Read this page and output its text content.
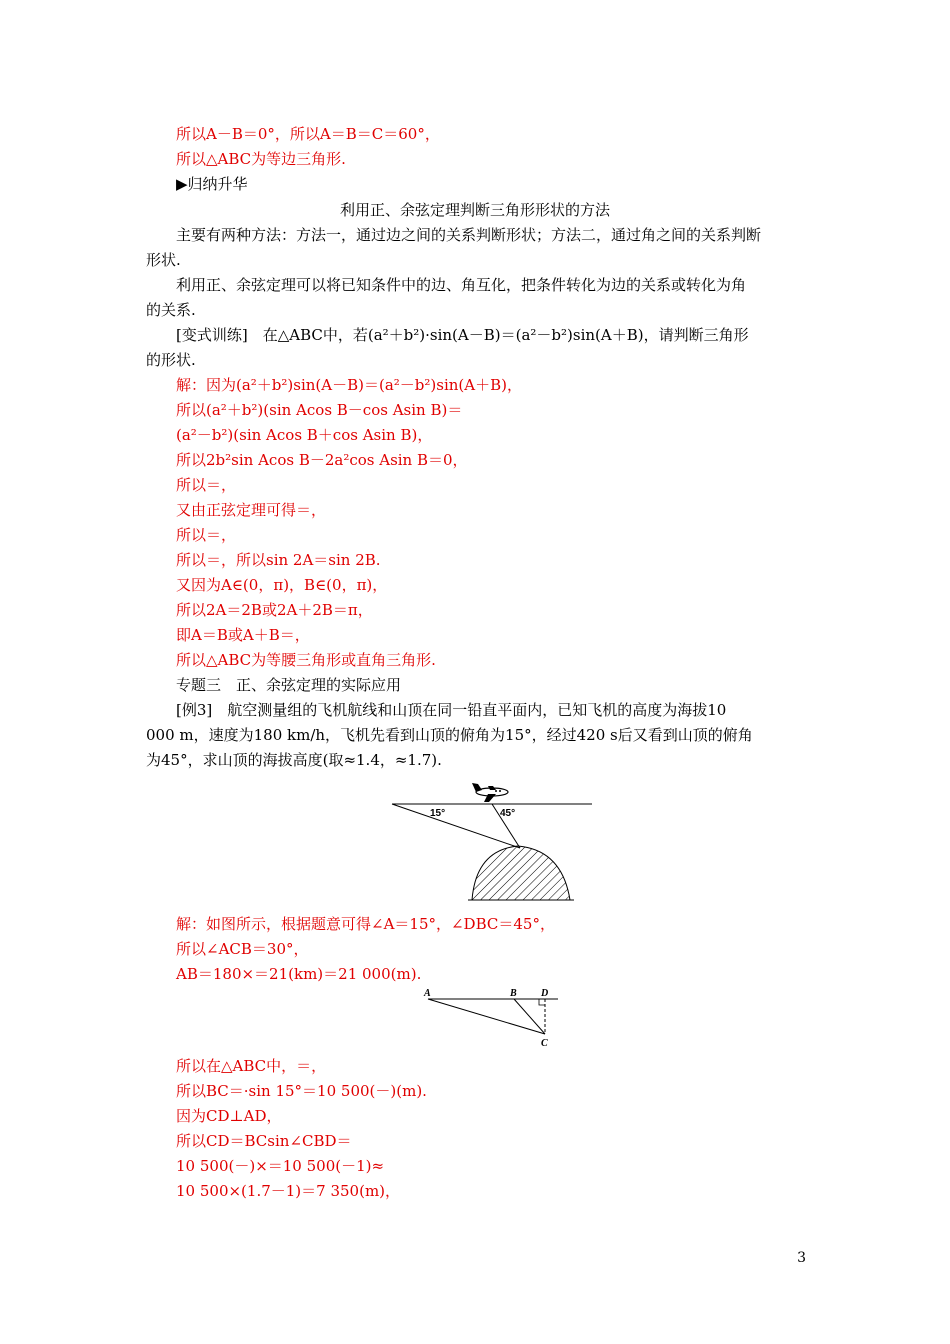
所以A－B＝0°，所以A＝B＝C＝60°，
所以△ABC为等边三角形.
▶归纳升华
利用正、余弦定理判断三角形形状的方法
主要有两种方法：方法一，通过边之间的关系判断形状；方法二，通过角之间的关系判断
形状.
利用正、余弦定理可以将已知条件中的边、角互化，把条件转化为边的关系或转化为角
的关系.
[变式训练]　在△ABC中，若(a²＋b²)·sin(A－B)＝(a²－b²)sin(A＋B)，请判断三角形
的形状.
解：因为(a²＋b²)sin(A－B)＝(a²－b²)sin(A＋B)，
所以(a²＋b²)(sin Acos B－cos Asin B)＝
(a²－b²)(sin Acos B＋cos Asin B)，
所以2b²sin Acos B－2a²cos Asin B＝0，
所以＝，
又由正弦定理可得＝，
所以＝，
所以＝，所以sin 2A＝sin 2B.
又因为A∈(0，π)，B∈(0，π)，
所以2A＝2B或2A＋2B＝π，
即A＝B或A＋B＝，
所以△ABC为等腰三角形或直角三角形.
专题三　正、余弦定理的实际应用
[例3]　航空测量组的飞机航线和山顶在同一铅直平面内，已知飞机的高度为海拔10
000 m，速度为180 km/h，飞机先看到山顶的俯角为15°，经过420 s后又看到山顶的俯角
为45°，求山顶的海拔高度(取≈1.4，≈1.7).
15°	45°
解：如图所示，根据题意可得∠A＝15°，∠DBC＝45°，
所以∠ACB＝30°，
AB＝180×＝21(km)＝21 000(m).
A	B D
C
所以在△ABC中，＝，
所以BC＝·sin 15°＝10 500(－)(m).
因为CD⊥AD，
所以CD＝BCsin∠CBD＝
10 500(－)×＝10 500(－1)≈
10 500×(1.7－1)＝7 350(m)，
3
